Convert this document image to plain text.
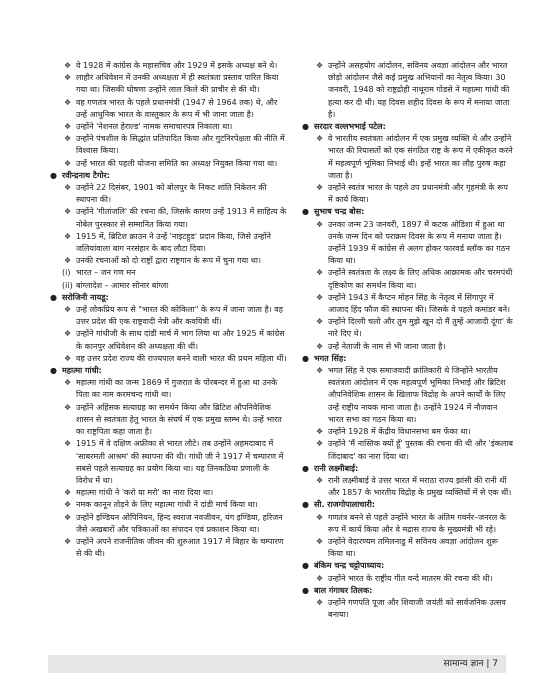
❖ वे 1928 में कांग्रेस के महासचिव और 1929 में इसके अध्यक्ष बने थे।
❖ लाहौर अधिवेशन में उनकी अध्यक्षता में ही स्वतंत्रता प्रस्ताव पारित किया गया था। जिसकी घोषणा उन्होंने लाल किले की प्राचीर से की थी।
❖ वह गणतंत्र भारत के पहले प्रधानमंत्री (1947 से 1964 तक) थे, और उन्हें आधुनिक भारत के वास्तुकार के रूप में भी जाना जाता है।
❖ उन्होंने 'नेशनल हेराल्ड' नामक समाचारपत्र निकाला था।
❖ उन्होंने पंचशील के सिद्धांत प्रतिपादित किया और गुटनिरपेक्षता की नीति में विश्वास किया।
❖ उन्हें भारत की पहली योजना समिति का अध्यक्ष नियुक्त किया गया था।
● रवीन्द्रनाथ टैगोर:
❖ उन्होंने 22 दिसंबर, 1901 को बोलपुर के निकट शांति निकेतन की स्थापना की।
❖ उन्होंने 'गीतांजलि' की रचना की, जिसके कारण उन्हें 1913 में साहित्य के नोबेल पुरस्कार से सम्मानित किया गया।
❖ 1915 में, ब्रिटिश क्राउन ने उन्हें 'नाइटहुड' प्रदान किया, जिसे उन्होंने जलियांवाला बाग नरसंहार के बाद लौटा दिया।
❖ उनकी रचनाओं को दो राष्ट्रों द्वारा राष्ट्रगान के रूप में चुना गया था।
(i) भारत – जन गण मन
(ii) बांग्लादेश – आमार सोनार बांग्ला
● सरोजिनी नायडू:
❖ उन्हें लोकप्रिय रूप से "भारत की कोकिला" के रूप में जाना जाता है। वह उत्तर प्रदेश की एक राष्ट्रवादी नेत्री और कवयित्री थीं।
❖ उन्होंने गांधीजी के साथ दांडी मार्च में भाग लिया था और 1925 में कांग्रेस के कानपुर अधिवेशन की अध्यक्षता की थी।
❖ वह उत्तर प्रदेश राज्य की राज्यपाल बनने वाली भारत की प्रथम महिला थीं।
● महात्मा गांधी:
❖ महात्मा गांधी का जन्म 1869 में गुजरात के पोरबन्दर में हुआ था उनके पिता का नाम करमचन्द गांधी था।
❖ उन्होंने अहिंसक सत्याग्रह का समर्थन किया और ब्रिटिश औपनिवेशिक शासन से स्वतंत्रता हेतु भारत के संघर्ष में एक प्रमुख स्तम्भ थे। उन्हें भारत का राष्ट्रपिता कहा जाता है।
❖ 1915 में वे दक्षिण अफ्रीका से भारत लौटे। तब उन्होंने अहमदाबाद में 'साबरमती आश्रम' की स्थापना की थी। गांधी जी ने 1917 में चम्पारण में सबसे पहले सत्याग्रह का प्रयोग किया था। यह तिनकठिया प्रणाली के विरोध में था।
❖ महात्मा गांधी ने 'करो या मरो' का नारा दिया था।
❖ नमक कानून तोड़ने के लिए महात्मा गांधी ने दांडी मार्च किया था।
❖ उन्होंने इण्डियन ओपिनियन, हिन्द स्वराज नवजीवन, यंग इण्डिया, हरिजन जैसे अखबारों और पत्रिकाओं का संपादन एवं प्रकाशन किया था।
❖ उन्होंने अपने राजनीतिक जीवन की शुरुआत 1917 में बिहार के चम्पारण से की थी।
❖ उन्होंने असहयोग आंदोलन, सविनय अवज्ञा आंदोलन और भारत छोड़ो आंदोलन जैसे कई प्रमुख अभियानों का नेतृत्व किया। 30 जनवरी, 1948 को राष्ट्रद्रोही नाथूराम गोडसे ने महात्मा गांधी की हत्या कर दी थी। यह दिवस शहीद दिवस के रूप में मनाया जाता है।
● सरदार वल्लभभाई पटेल:
❖ वे भारतीय स्वतंत्रता आंदोलन में एक प्रमुख व्यक्ति थे और उन्होंने भारत की रियासतों को एक संगठित राष्ट्र के रूप में एकीकृत करने में महत्वपूर्ण भूमिका निभाई थी। इन्हें भारत का लौह पुरुष कहा जाता है।
❖ उन्होंने स्वतंत्र भारत के पहले उप प्रधानमंत्री और गृहमंत्री के रूप में कार्य किया।
● सुभाष चन्द्र बोस:
❖ उनका जन्म 23 जनवरी, 1897 में कटक ओडिशा में हुआ था उनके जन्म दिन को पराक्रम दिवस के रूप में मनाया जाता है। उन्होंने 1939 में कांग्रेस से अलग होकर फारवर्ड ब्लॉक का गठन किया था।
❖ उन्होंने स्वतंत्रता के लक्ष्य के लिए अधिक आक्रामक और चरमपंथी दृष्टिकोण का समर्थन किया था।
❖ उन्होंने 1943 में कैप्टन मोहन सिंह के नेतृत्व में सिंगापुर में आजाद हिंद फौज की स्थापना की। जिसके वे पहले कमांडर बने।
❖ उन्होंने दिल्ली चलो और तुम मुझे खून दो मैं तुम्हें आजादी दूंगा' के नारे दिए थे।
❖ उन्हें नेताजी के नाम से भी जाना जाता है।
● भगत सिंह:
❖ भगत सिंह ने एक समाजवादी क्रांतिकारी थे जिन्होंने भारतीय स्वतंत्रता आंदोलन में एक महत्वपूर्ण भूमिका निभाई और ब्रिटिश औपनिवेशिक शासन के खिलाफ विद्रोह के अपने कार्यों के लिए उन्हें राष्ट्रीय नायक माना जाता है। उन्होंने 1924 में नौजवान भारत सभा का गठन किया था।
❖ उन्होंने 1928 में केंद्रीय विधानसभा बम फेंका था।
❖ उन्होंने 'मैं नास्तिक क्यों हूँ' पुस्तक की रचना की थी और 'इंकलाब जिंदाबाद' का नारा दिया था।
● रानी लक्ष्मीबाई:
❖ रानी लक्ष्मीबाई वे उत्तर भारत में मराठा राज्य झांसी की रानी थीं और 1857 के भारतीय विद्रोह के प्रमुख व्यक्तियों में से एक थीं।
● सी. राजगोपालाचारी:
❖ गणतंत्र बनने से पहले उन्होंने भारत के अंतिम गवर्नर–जनरल के रूप में कार्य किया और वे मद्रास राज्य के मुख्यमंत्री भी रहे।
❖ उन्होंने वेदारण्यम तमिलनाडु में सविनय अवज्ञा आंदोलन शुरू किया था।
● बंकिम चन्द्र चट्टोपाध्याय:
❖ उन्होंने भारत के राष्ट्रीय गीत वन्दे मातरम की रचना की थी।
● बाल गंगाधर तिलक:
❖ उन्होंने गणपति पूजा और शिवाजी जयंती को सार्वजनिक उत्सव बनाया।
सामान्य ज्ञान | 7
